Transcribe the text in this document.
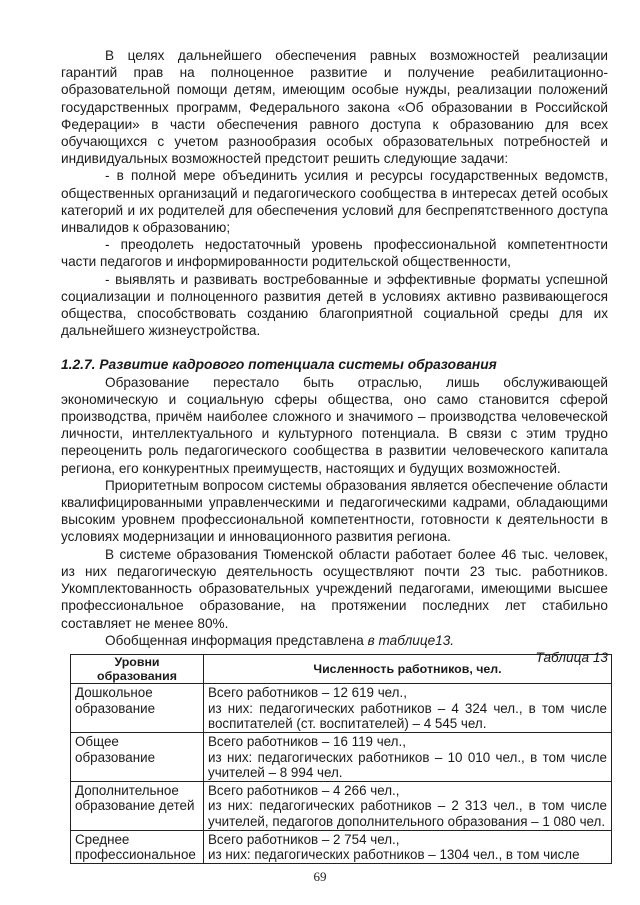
В целях дальнейшего обеспечения равных возможностей реализации гарантий прав на полноценное развитие и получение реабилитационно-образовательной помощи детям, имеющим особые нужды, реализации положений государственных программ, Федерального закона «Об образовании в Российской Федерации» в части обеспечения равного доступа к образованию для всех обучающихся с учетом разнообразия особых образовательных потребностей и индивидуальных возможностей предстоит решить следующие задачи:

- в полной мере объединить усилия и ресурсы государственных ведомств, общественных организаций и педагогического сообщества в интересах детей особых категорий и их родителей для обеспечения условий для беспрепятственного доступа инвалидов к образованию;

- преодолеть недостаточный уровень профессиональной компетентности части педагогов и информированности родительской общественности,

- выявлять и развивать востребованные и эффективные форматы успешной социализации и полноценного развития детей в условиях активно развивающегося общества, способствовать созданию благоприятной социальной среды для их дальнейшего жизнеустройства.

1.2.7. Развитие кадрового потенциала системы образования

Образование перестало быть отраслью, лишь обслуживающей экономическую и социальную сферы общества, оно само становится сферой производства, причём наиболее сложного и значимого – производства человеческой личности, интеллектуального и культурного потенциала. В связи с этим трудно переоценить роль педагогического сообщества в развитии человеческого капитала региона, его конкурентных преимуществ, настоящих и будущих возможностей.

Приоритетным вопросом системы образования является обеспечение области квалифицированными управленческими и педагогическими кадрами, обладающими высоким уровнем профессиональной компетентности, готовности к деятельности в условиях модернизации и инновационного развития региона.

В системе образования Тюменской области работает более 46 тыс. человек, из них педагогическую деятельность осуществляют почти 23 тыс. работников. Укомплектованность образовательных учреждений педагогами, имеющими высшее профессиональное образование, на протяжении последних лет стабильно составляет не менее 80%.

Обобщенная информация представлена в таблице13.

Таблица 13

Уровни образования	Численность работников, чел.
Дошкольное образование	Всего работников – 12 619 чел.,
из них: педагогических работников – 4 324 чел., в том числе воспитателей (ст. воспитателей) – 4 545 чел.

Общее образование	Всего работников – 16 119 чел.,
из них: педагогических работников – 10 010 чел., в том числе учителей – 8 994 чел.

Дополнительное образование детей	Всего работников – 4 266 чел.,
из них: педагогических работников – 2 313 чел., в том числе учителей, педагогов дополнительного образования – 1 080 чел.

Среднее профессиональное	Всего работников – 2 754 чел.,
из них: педагогических работников – 1304 чел., в том числе
69
